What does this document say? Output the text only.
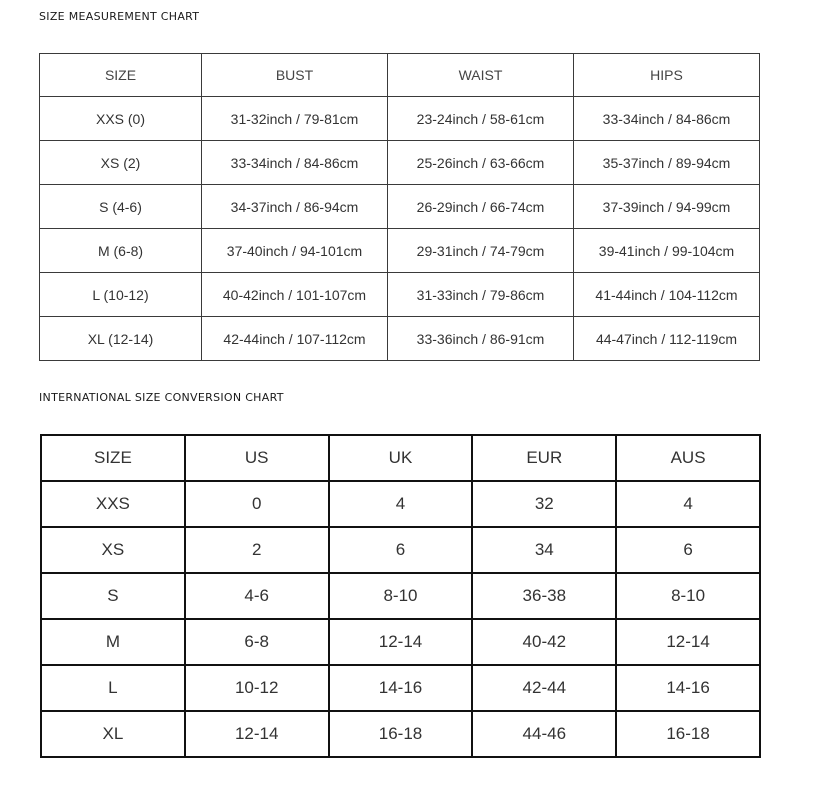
SIZE MEASUREMENT CHART
SIZE	BUST	WAIST	HIPS
XXS (0)	31-32inch / 79-81cm	23-24inch / 58-61cm	33-34inch / 84-86cm
XS (2)	33-34inch / 84-86cm	25-26inch / 63-66cm	35-37inch / 89-94cm
S (4-6)	34-37inch / 86-94cm	26-29inch / 66-74cm	37-39inch / 94-99cm
M (6-8)	37-40inch / 94-101cm	29-31inch / 74-79cm	39-41inch / 99-104cm
L (10-12)	40-42inch / 101-107cm	31-33inch / 79-86cm	41-44inch / 104-112cm
XL (12-14)	42-44inch / 107-112cm	33-36inch / 86-91cm	44-47inch / 112-119cm
INTERNATIONAL SIZE CONVERSION CHART
SIZE	US	UK	EUR	AUS
XXS	0	4	32	4
XS	2	6	34	6
S	4-6	8-10	36-38	8-10
M	6-8	12-14	40-42	12-14
L	10-12	14-16	42-44	14-16
XL	12-14	16-18	44-46	16-18
